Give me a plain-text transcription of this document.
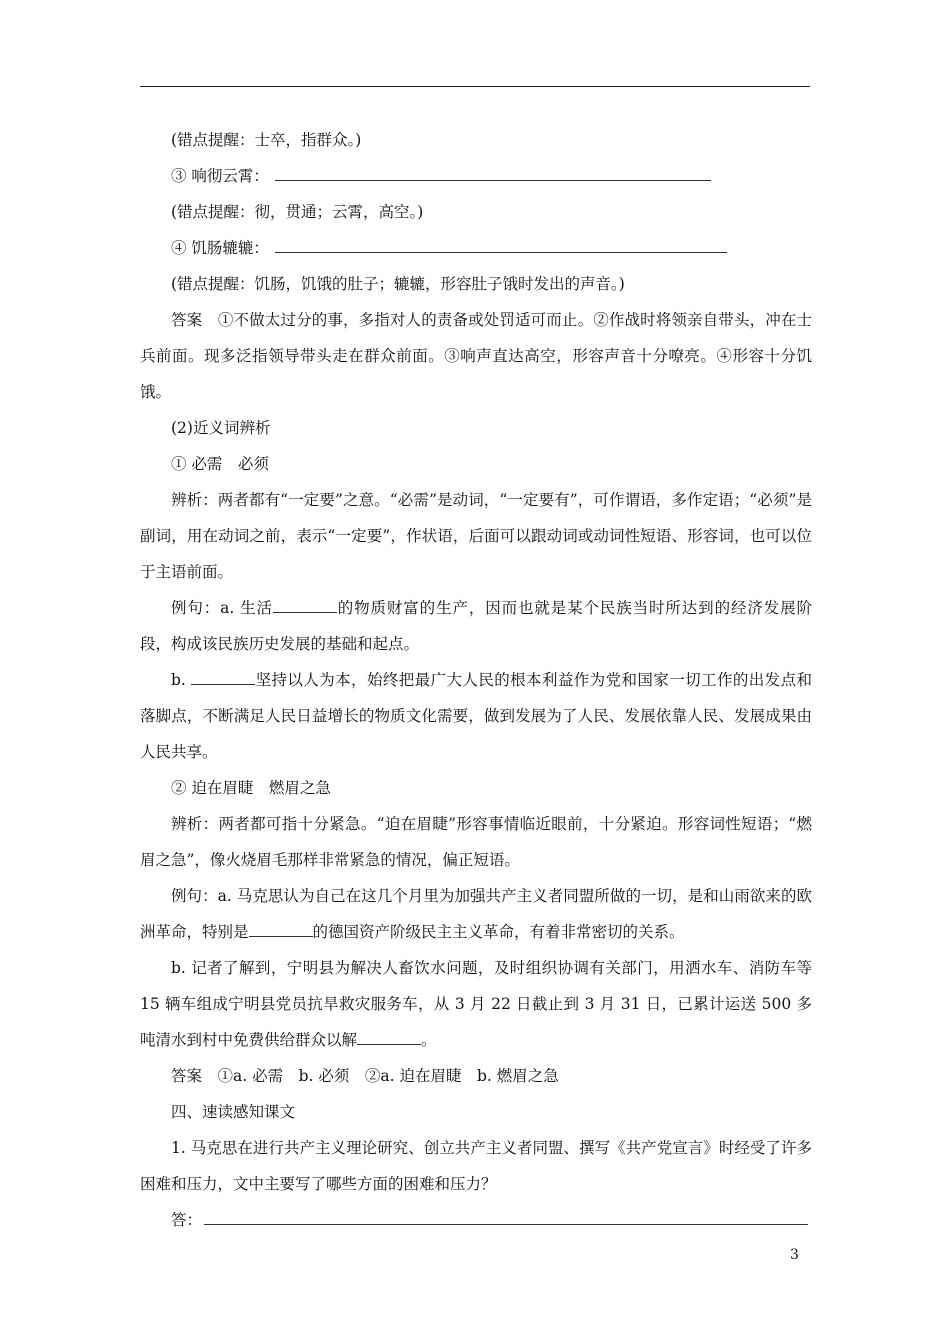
(错点提醒：士卒，指群众。)

③ 响彻云霄：

(错点提醒：彻，贯通；云霄，高空。)

④ 饥肠辘辘：

(错点提醒：饥肠，饥饿的肚子；辘辘，形容肚子饿时发出的声音。)

答案　①不做太过分的事，多指对人的责备或处罚适可而止。②作战时将领亲自带头，冲在士兵前面。现多泛指领导带头走在群众前面。③响声直达高空，形容声音十分嘹亮。④形容十分饥饿。

(2)近义词辨析

① 必需　必须

辨析：两者都有“一定要”之意。“必需”是动词，“一定要有”，可作谓语，多作定语；“必须”是副词，用在动词之前，表示“一定要”，作状语，后面可以跟动词或动词性短语、形容词，也可以位于主语前面。

例句：a. 生活	的物质财富的生产，因而也就是某个民族当时所达到的经济发展阶段，构成该民族历史发展的基础和起点。

b.	坚持以人为本，始终把最广大人民的根本利益作为党和国家一切工作的出发点和落脚点，不断满足人民日益增长的物质文化需要，做到发展为了人民、发展依靠人民、发展成果由人民共享。

② 迫在眉睫　燃眉之急

辨析：两者都可指十分紧急。“迫在眉睫”形容事情临近眼前，十分紧迫。形容词性短语；“燃眉之急”，像火烧眉毛那样非常紧急的情况，偏正短语。

例句：a. 马克思认为自己在这几个月里为加强共产主义者同盟所做的一切，是和山雨欲来的欧洲革命，特别是	的德国资产阶级民主主义革命，有着非常密切的关系。

b. 记者了解到，宁明县为解决人畜饮水问题，及时组织协调有关部门，用洒水车、消防车等 15 辆车组成宁明县党员抗旱救灾服务车，从 3 月 22 日截止到 3 月 31 日，已累计运送 500 多吨清水到村中免费供给群众以解	。

答案　①a. 必需　b. 必须　②a. 迫在眉睫　b. 燃眉之急

四、速读感知课文

1. 马克思在进行共产主义理论研究、创立共产主义者同盟、撰写《共产党宣言》时经受了许多困难和压力，文中主要写了哪些方面的困难和压力？

答：

3
